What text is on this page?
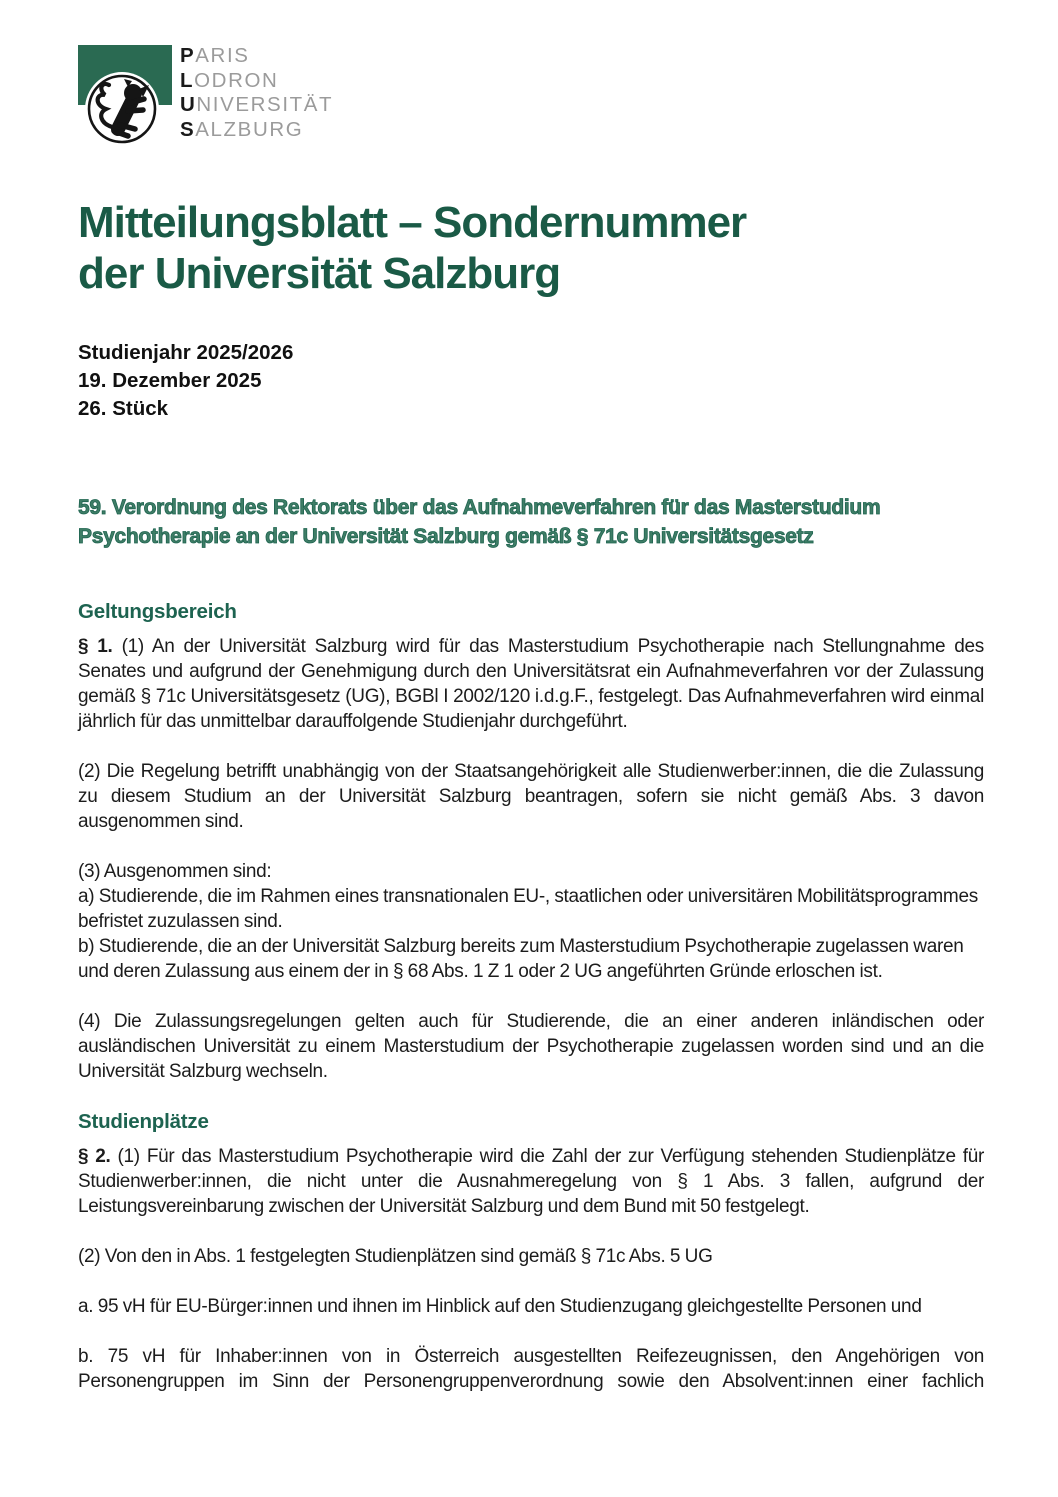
PARIS
LODRON
UNIVERSITÄT
SALZBURG
Mitteilungsblatt – Sondernummer
der Universität Salzburg
Studienjahr 2025/2026
19. Dezember 2025
26. Stück
59. Verordnung des Rektorats über das Aufnahmeverfahren für das Masterstudium Psychotherapie an der Universität Salzburg gemäß § 71c Universitätsgesetz
Geltungsbereich

§ 1. (1) An der Universität Salzburg wird für das Masterstudium Psychotherapie nach Stellungnahme des Senates und aufgrund der Genehmigung durch den Universitätsrat ein Aufnahmeverfahren vor der Zulassung gemäß § 71c Universitätsgesetz (UG), BGBl I 2002/120 i.d.g.F., festgelegt. Das Aufnahmeverfahren wird einmal jährlich für das unmittelbar darauffolgende Studienjahr durchgeführt.

(2) Die Regelung betrifft unabhängig von der Staatsangehörigkeit alle Studienwerber:innen, die die Zulassung zu diesem Studium an der Universität Salzburg beantragen, sofern sie nicht gemäß Abs. 3 davon ausgenommen sind.

(3) Ausgenommen sind:

a) Studierende, die im Rahmen eines transnationalen EU-, staatlichen oder universitären Mobilitätsprogrammes befristet zuzulassen sind.

b) Studierende, die an der Universität Salzburg bereits zum Masterstudium Psychotherapie zugelassen waren und deren Zulassung aus einem der in § 68 Abs. 1 Z 1 oder 2 UG angeführten Gründe erloschen ist.

(4) Die Zulassungsregelungen gelten auch für Studierende, die an einer anderen inländischen oder ausländischen Universität zu einem Masterstudium der Psychotherapie zugelassen worden sind und an die Universität Salzburg wechseln.

Studienplätze

§ 2. (1) Für das Masterstudium Psychotherapie wird die Zahl der zur Verfügung stehenden Studienplätze für Studienwerber:innen, die nicht unter die Ausnahmeregelung von § 1 Abs. 3 fallen, aufgrund der Leistungsvereinbarung zwischen der Universität Salzburg und dem Bund mit 50 festgelegt.

(2) Von den in Abs. 1 festgelegten Studienplätzen sind gemäß § 71c Abs. 5 UG

a. 95 vH für EU-Bürger:innen und ihnen im Hinblick auf den Studienzugang gleichgestellte Personen und

b. 75 vH für Inhaber:innen von in Österreich ausgestellten Reifezeugnissen, den Angehörigen von Personengruppen im Sinn der Personengruppenverordnung sowie den Absolvent:innen einer fachlich
